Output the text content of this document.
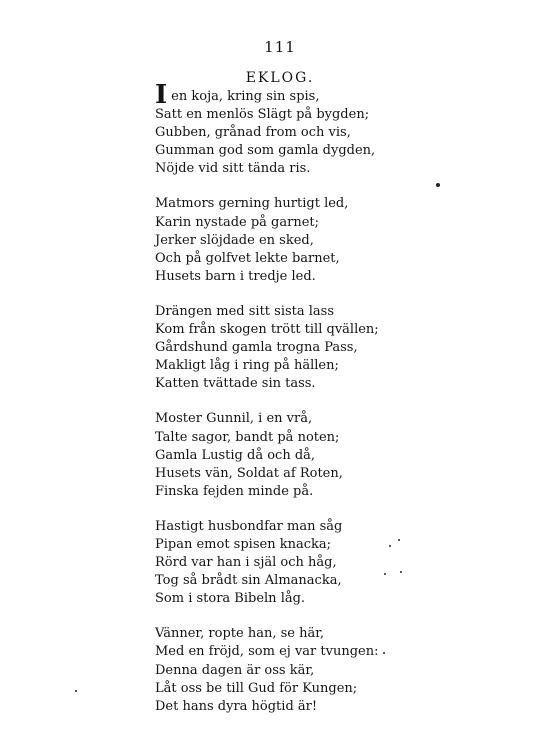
111
EKLOG.
Ien koja, kring sin spis,
Satt en menlös Slägt på bygden;
Gubben, grånad from och vis,
Gumman god som gamla dygden,
Nöjde vid sitt tända ris.
Matmors gerning hurtigt led,
Karin nystade på garnet;
Jerker slöjdade en sked,
Och på golfvet lekte barnet,
Husets barn i tredje led.
Drängen med sitt sista lass
Kom från skogen trött till qvällen;
Gårdshund gamla trogna Pass,
Makligt låg i ring på hällen;
Katten tvättade sin tass.
Moster Gunnil, i en vrå,
Talte sagor, bandt på noten;
Gamla Lustig då och då,
Husets vän, Soldat af Roten,
Finska fejden minde på.
Hastigt husbondfar man såg
Pipan emot spisen knacka;
Rörd var han i själ och håg,
Tog så brådt sin Almanacka,
Som i stora Bibeln låg.
Vänner, ropte han, se här,
Med en fröjd, som ej var tvungen:
Denna dagen är oss kär,
Låt oss be till Gud för Kungen;
Det hans dyra högtid är!
